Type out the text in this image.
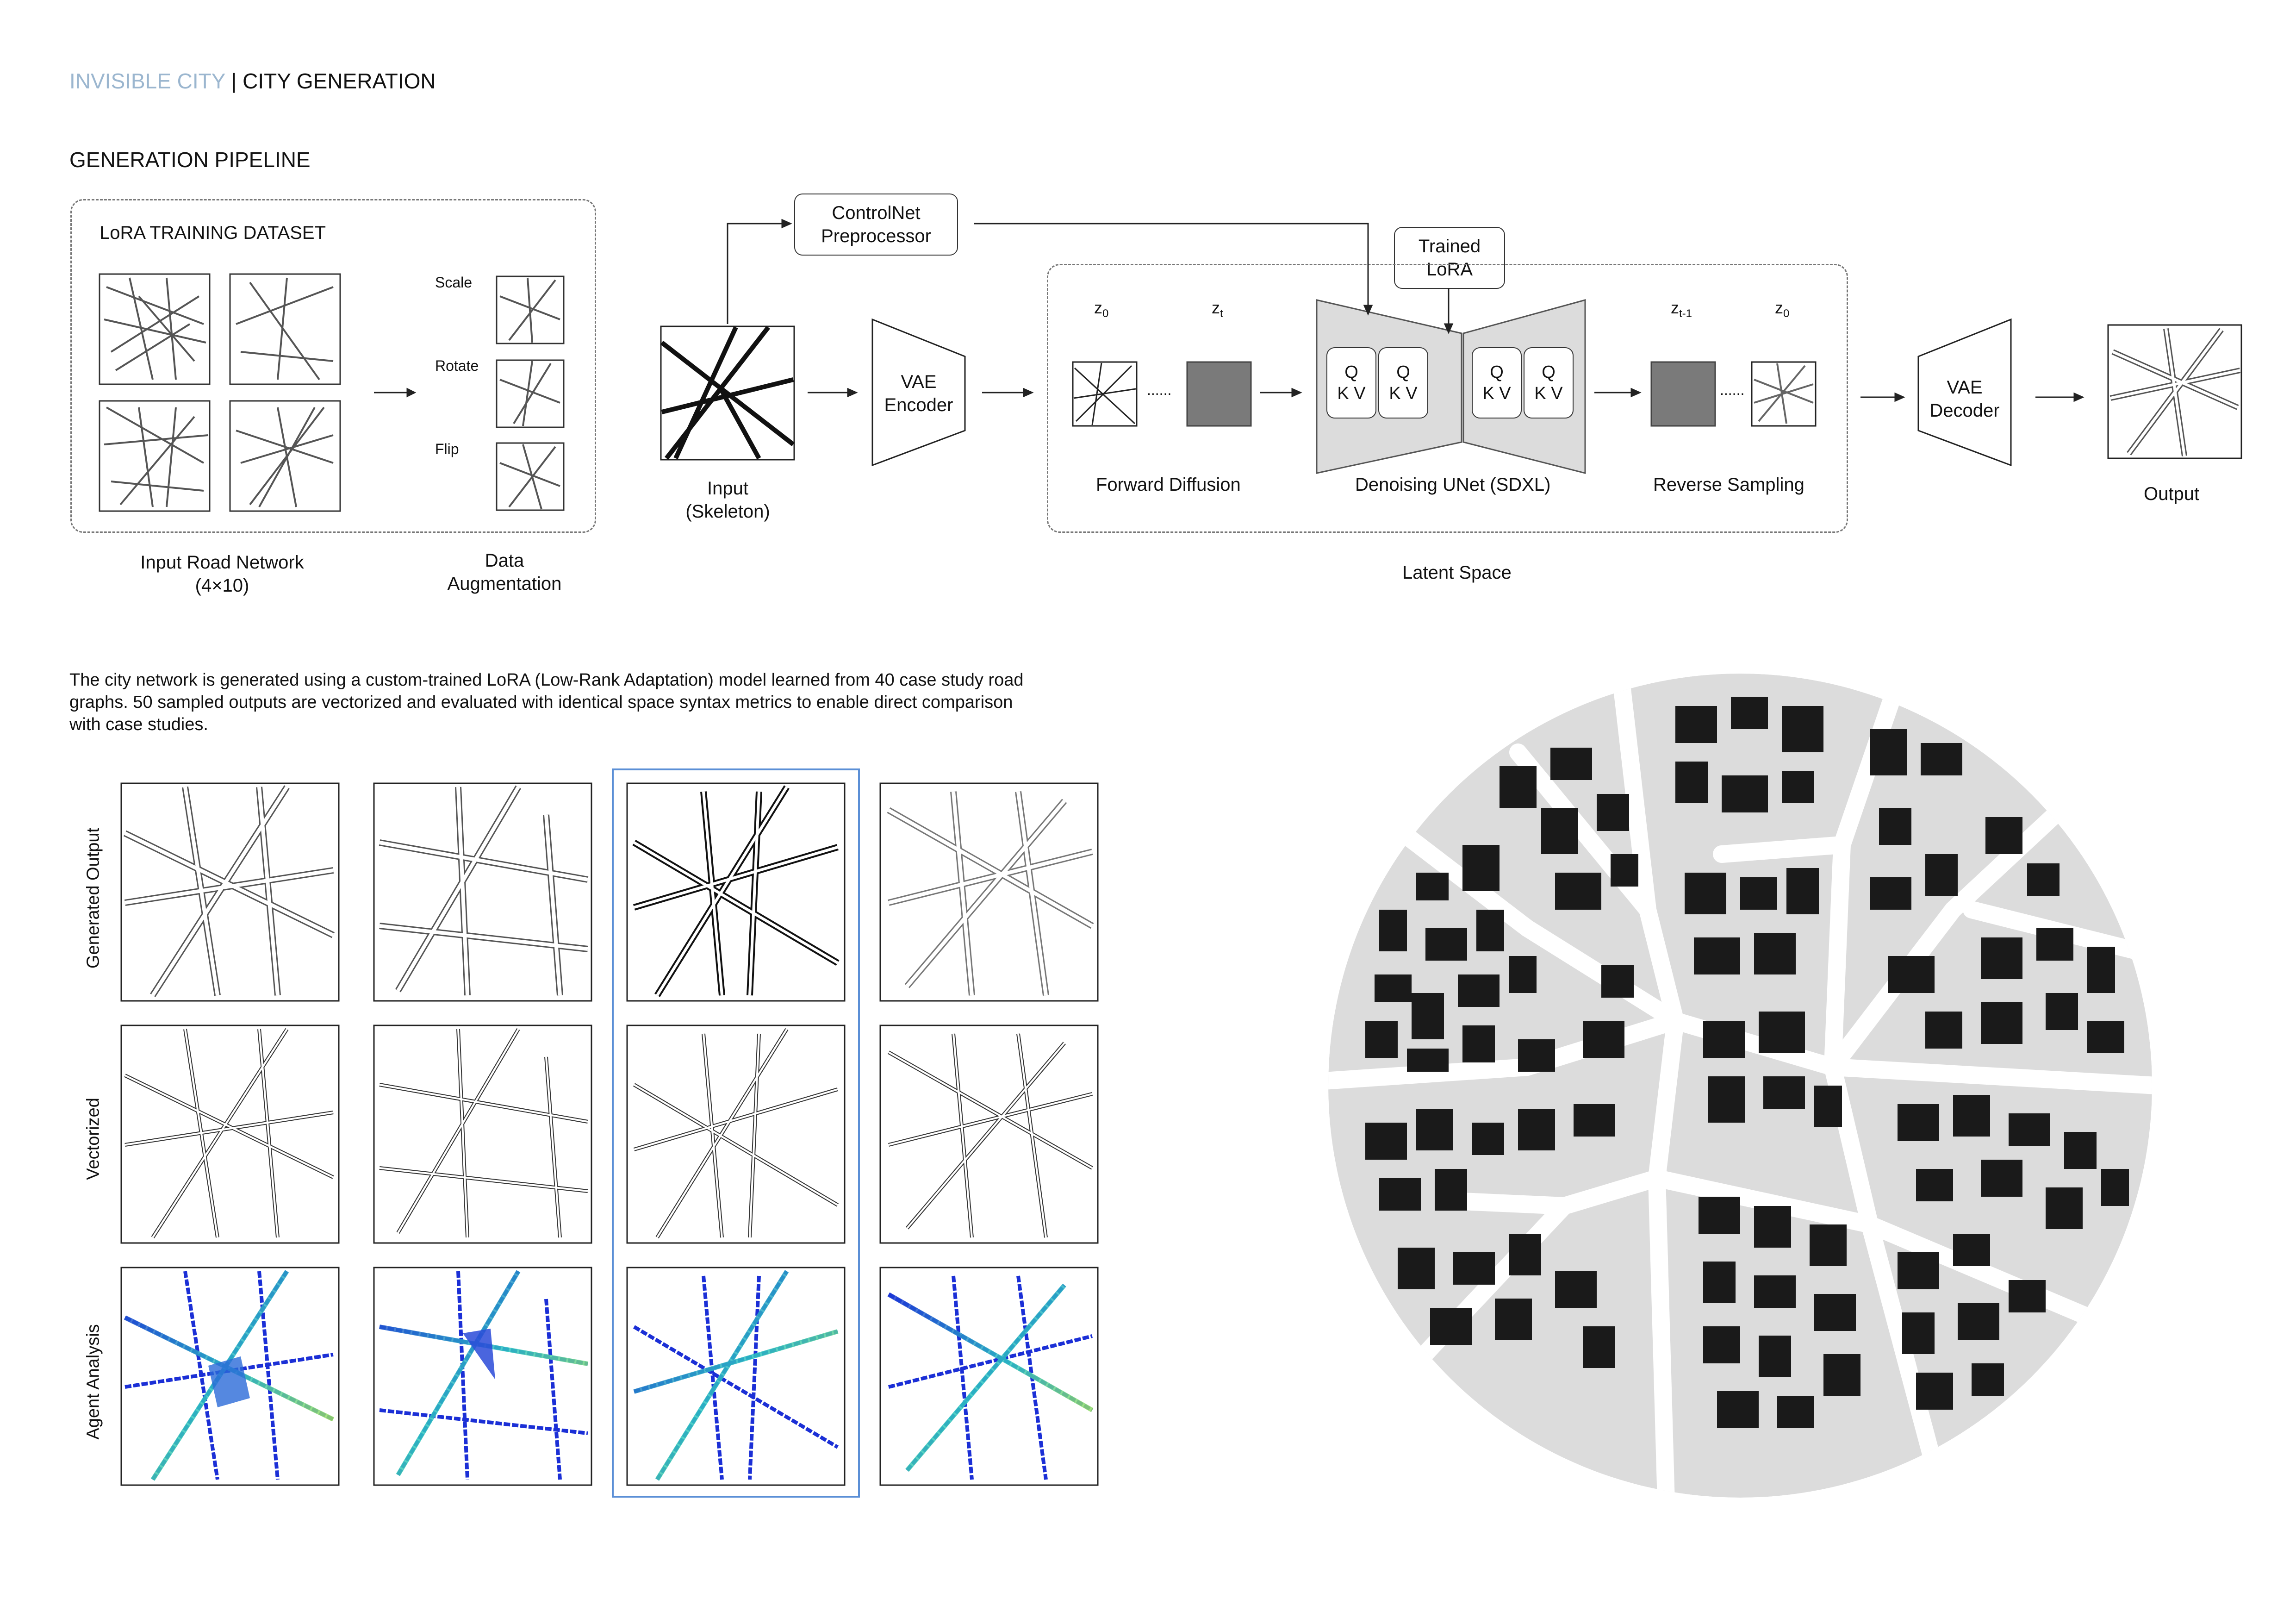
INVISIBLE CITY | CITY GENERATION
GENERATION PIPELINE
LoRA TRAINING DATASET
Scale
Rotate
Flip
Input Road Network
(4×10)
Data
Augmentation
ControlNet
Preprocessor	Trained
LoRA
Input
(Skeleton)
VAE
Encoder
VAE
Decoder
$z_0$	$z_t$	$z_{t-1}$	$z_0$
......	......
Q
K V
Q
K V
Q
K V
Q
K V
Forward Diffusion	Denoising UNet (SDXL)	Reverse Sampling
Latent Space
Output
The city network is generated using a custom-trained LoRA (Low-Rank Adaptation) model learned from 40 case study road
graphs. 50 sampled outputs are vectorized and evaluated with identical space syntax metrics to enable direct comparison
with case studies.
Generated Output
Vectorized
Agent Analysis
